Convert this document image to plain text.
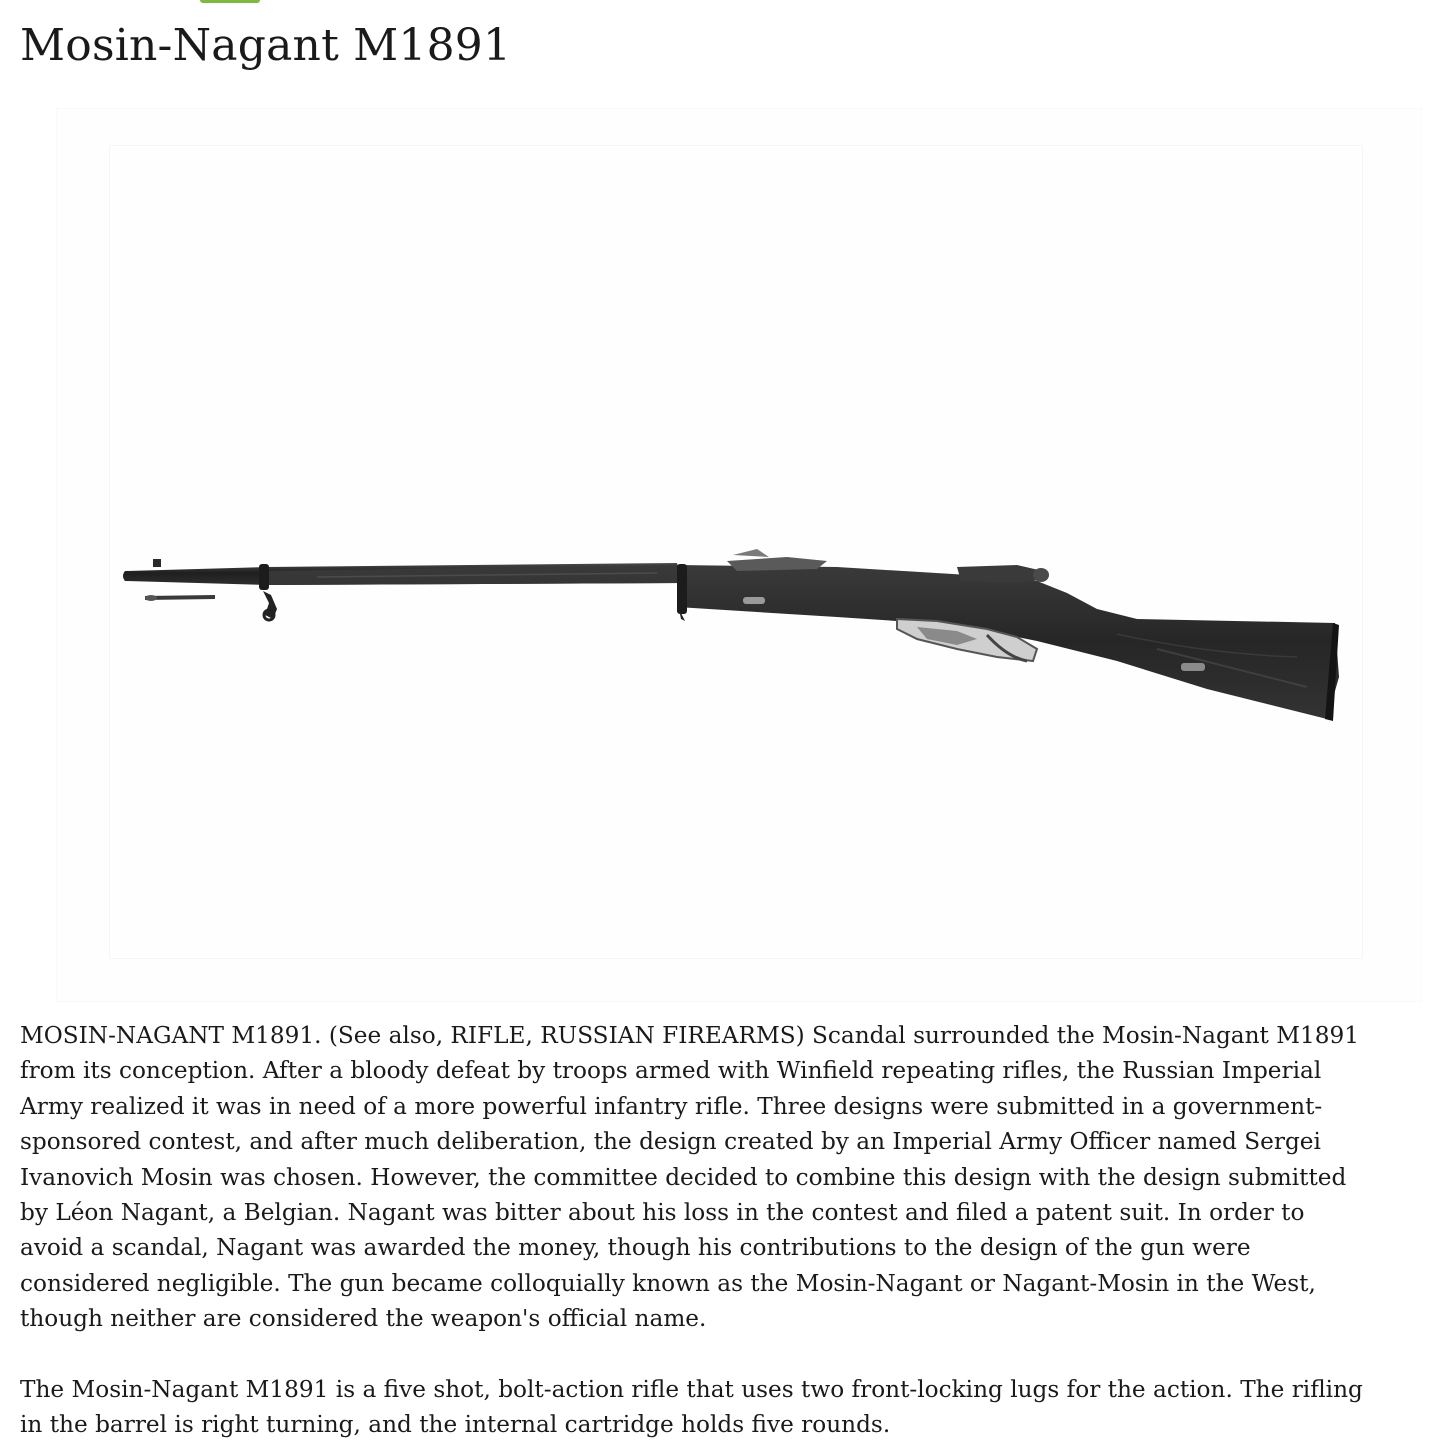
Mosin-Nagant M1891

MOSIN-NAGANT M1891. (See also, RIFLE, RUSSIAN FIREARMS) Scandal surrounded the Mosin-Nagant M1891 from its conception. After a bloody defeat by troops armed with Winfield repeating rifles, the Russian Imperial Army realized it was in need of a more powerful infantry rifle. Three designs were submitted in a government-sponsored contest, and after much deliberation, the design created by an Imperial Army Officer named Sergei Ivanovich Mosin was chosen. However, the committee decided to combine this design with the design submitted by Léon Nagant, a Belgian. Nagant was bitter about his loss in the contest and filed a patent suit. In order to avoid a scandal, Nagant was awarded the money, though his contributions to the design of the gun were considered negligible. The gun became colloquially known as the Mosin-Nagant or Nagant-Mosin in the West, though neither are considered the weapon's official name.

The Mosin-Nagant M1891 is a five shot, bolt-action rifle that uses two front-locking lugs for the action. The rifling in the barrel is right turning, and the internal cartridge holds five rounds.
